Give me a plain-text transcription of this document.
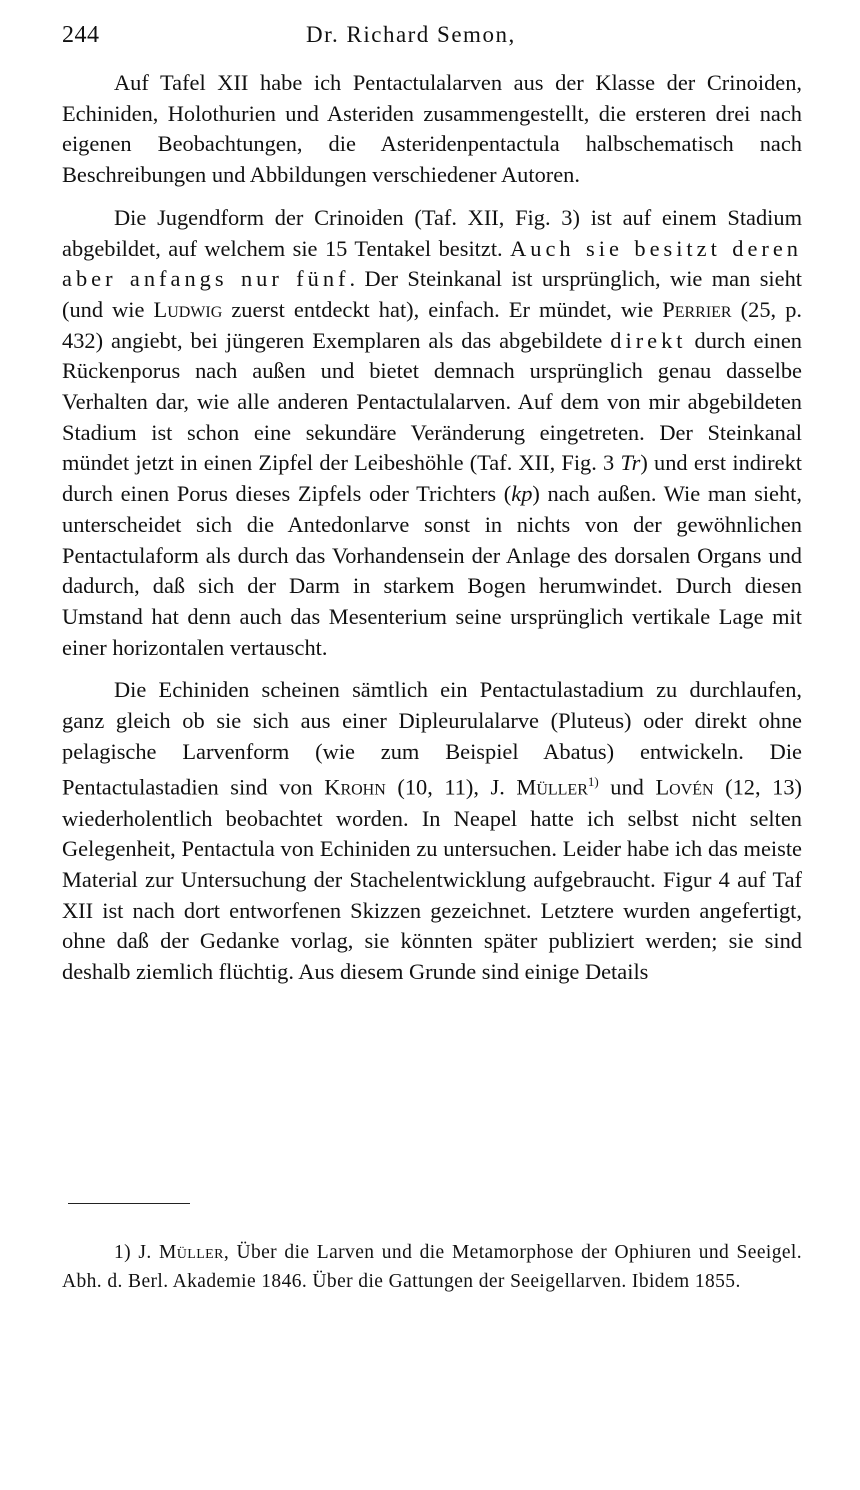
244	Dr. Richard Semon,

Auf Tafel XII habe ich Pentactulalarven aus der Klasse der Crinoiden, Echiniden, Holothurien und Asteriden zusammengestellt, die ersteren drei nach eigenen Beobachtungen, die Asteridenpentactula halbschematisch nach Beschreibungen und Abbildungen verschiedener Autoren.

Die Jugendform der Crinoiden (Taf. XII, Fig. 3) ist auf einem Stadium abgebildet, auf welchem sie 15 Tentakel besitzt. Auch sie besitzt deren aber anfangs nur fünf. Der Steinkanal ist ursprünglich, wie man sieht (und wie Ludwig zuerst entdeckt hat), einfach. Er mündet, wie Perrier (25, p. 432) angiebt, bei jüngeren Exemplaren als das abgebildete direkt durch einen Rückenporus nach außen und bietet demnach ursprünglich genau dasselbe Verhalten dar, wie alle anderen Pentactulalarven. Auf dem von mir abgebildeten Stadium ist schon eine sekundäre Veränderung eingetreten. Der Steinkanal mündet jetzt in einen Zipfel der Leibeshöhle (Taf. XII, Fig. 3 Tr) und erst indirekt durch einen Porus dieses Zipfels oder Trichters (kp) nach außen. Wie man sieht, unterscheidet sich die Antedonlarve sonst in nichts von der gewöhnlichen Pentactulaform als durch das Vorhandensein der Anlage des dorsalen Organs und dadurch, daß sich der Darm in starkem Bogen herumwindet. Durch diesen Umstand hat denn auch das Mesenterium seine ursprünglich vertikale Lage mit einer horizontalen vertauscht.

Die Echiniden scheinen sämtlich ein Pentactulastadium zu durchlaufen, ganz gleich ob sie sich aus einer Dipleurulalarve (Pluteus) oder direkt ohne pelagische Larvenform (wie zum Beispiel Abatus) entwickeln. Die Pentactulastadien sind von Krohn (10, 11), J. Müller$^{1)}$ und Lovén (12, 13) wiederholentlich beobachtet worden. In Neapel hatte ich selbst nicht selten Gelegenheit, Pentactula von Echiniden zu untersuchen. Leider habe ich das meiste Material zur Untersuchung der Stachelentwicklung aufgebraucht. Figur 4 auf Taf XII ist nach dort entworfenen Skizzen gezeichnet. Letztere wurden angefertigt, ohne daß der Gedanke vorlag, sie könnten später publiziert werden; sie sind deshalb ziemlich flüchtig. Aus diesem Grunde sind einige Details

1) J. Müller, Über die Larven und die Metamorphose der Ophiuren und Seeigel. Abh. d. Berl. Akademie 1846. Über die Gattungen der Seeigellarven. Ibidem 1855.
